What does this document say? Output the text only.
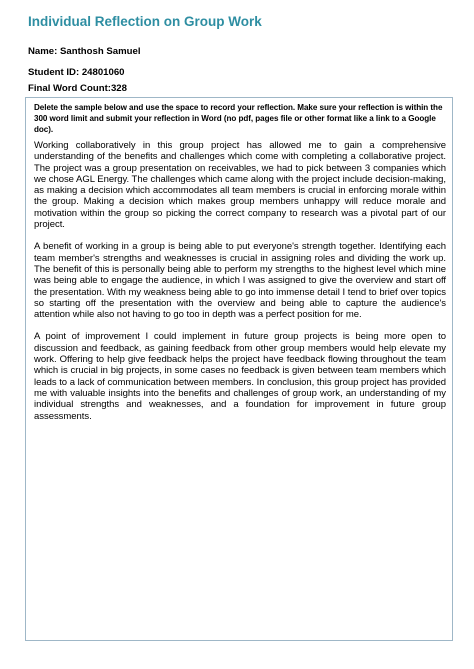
Individual Reflection on Group Work
Name: Santhosh Samuel
Student ID: 24801060
Final Word Count:328

Delete the sample below and use the space to record your reflection. Make sure your reflection is within the 300 word limit and submit your reflection in Word (no pdf, pages file or other format like a link to a Google doc).

Working collaboratively in this group project has allowed me to gain a comprehensive understanding of the benefits and challenges which come with completing a collaborative project. The project was a group presentation on receivables, we had to pick between 3 companies which we chose AGL Energy. The challenges which came along with the project include decision-making, as making a decision which accommodates all team members is crucial in enforcing morale within the group. Making a decision which makes group members unhappy will reduce morale and motivation within the group so picking the correct company to research was a pivotal part of our project.

A benefit of working in a group is being able to put everyone's strength together. Identifying each team member's strengths and weaknesses is crucial in assigning roles and dividing the work up. The benefit of this is personally being able to perform my strengths to the highest level which mine was being able to engage the audience, in which I was assigned to give the overview and start off the presentation. With my weakness being able to go into immense detail I tend to brief over topics so starting off the presentation with the overview and being able to capture the audience's attention while also not having to go too in depth was a perfect position for me.

A point of improvement I could implement in future group projects is being more open to discussion and feedback, as gaining feedback from other group members would help elevate my work. Offering to help give feedback helps the project have feedback flowing throughout the team which is crucial in big projects, in some cases no feedback is given between team members which leads to a lack of communication between members. In conclusion, this group project has provided me with valuable insights into the benefits and challenges of group work, an understanding of my individual strengths and weaknesses, and a foundation for improvement in future group assessments.
